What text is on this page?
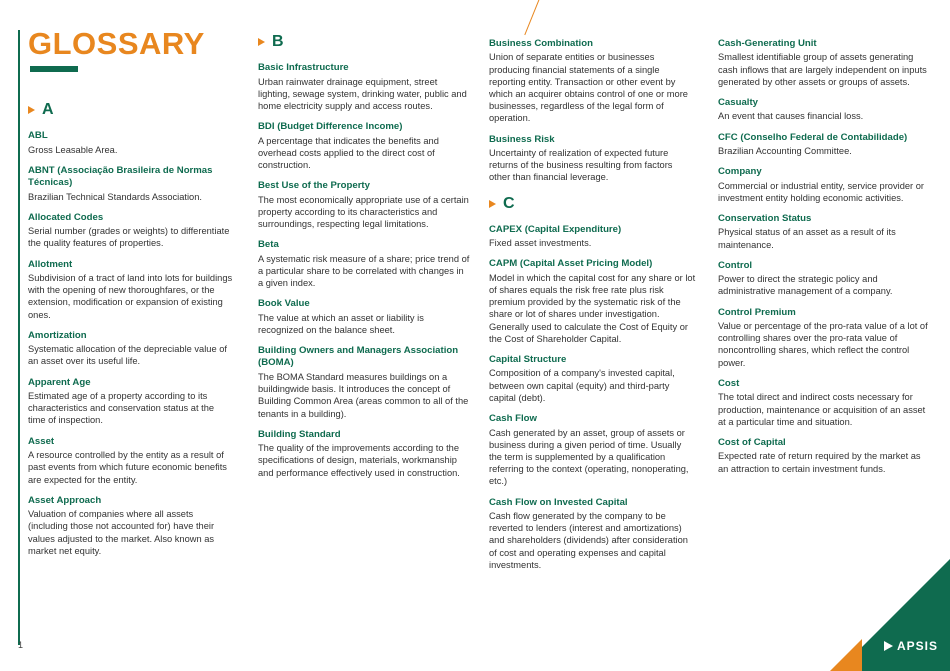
GLOSSARY
1
A
ABL
Gross Leasable Area.
ABNT (Associação Brasileira de Normas Técnicas)
Brazilian Technical Standards Association.
Allocated Codes
Serial number (grades or weights) to differentiate the quality features of properties.
Allotment
Subdivision of a tract of land into lots for buildings with the opening of new thoroughfares, or the extension, modification or expansion of existing ones.
Amortization
Systematic allocation of the depreciable value of an asset over its useful life.
Apparent Age
Estimated age of a property according to its characteristics and conservation status at the time of inspection.
Asset
A resource controlled by the entity as a result of past events from which future economic benefits are expected for the entity.
Asset Approach
Valuation of companies where all assets (including those not accounted for) have their values adjusted to the market. Also known as market net equity.
B
Basic Infrastructure
Urban rainwater drainage equipment, street lighting, sewage system, drinking water, public and home electricity supply and access routes.
BDI (Budget Difference Income)
A percentage that indicates the benefits and overhead costs applied to the direct cost of construction.
Best Use of the Property
The most economically appropriate use of a certain property according to its characteristics and surroundings, respecting legal limitations.
Beta
A systematic risk measure of a share; price trend of a particular share to be correlated with changes in a given index.
Book Value
The value at which an asset or liability is recognized on the balance sheet.
Building Owners and Managers Association (BOMA)
The BOMA Standard measures buildings on a buildingwide basis. It introduces the concept of Building Common Area (areas common to all of the tenants in a building).
Building Standard
The quality of the improvements according to the specifications of design, materials, workmanship and performance effectively used in construction.
Business Combination
Union of separate entities or businesses producing financial statements of a single reporting entity. Transaction or other event by which an acquirer obtains control of one or more businesses, regardless of the legal form of operation.
Business Risk
Uncertainty of realization of expected future returns of the business resulting from factors other than financial leverage.
C
CAPEX (Capital Expenditure)
Fixed asset investments.
CAPM (Capital Asset Pricing Model)
Model in which the capital cost for any share or lot of shares equals the risk free rate plus risk premium provided by the systematic risk of the share or lot of shares under investigation. Generally used to calculate the Cost of Equity or the Cost of Shareholder Capital.
Capital Structure
Composition of a company's invested capital, between own capital (equity) and third-party capital (debt).
Cash Flow
Cash generated by an asset, group of assets or business during a given period of time. Usually the term is supplemented by a qualification referring to the context (operating, nonoperating, etc.)
Cash Flow on Invested Capital
Cash flow generated by the company to be reverted to lenders (interest and amortizations) and shareholders (dividends) after consideration of cost and operating expenses and capital investments.
Cash-Generating Unit
Smallest identifiable group of assets generating cash inflows that are largely independent on inputs generated by other assets or groups of assets.
Casualty
An event that causes financial loss.
CFC (Conselho Federal de Contabilidade)
Brazilian Accounting Committee.
Company
Commercial or industrial entity, service provider or investment entity holding economic activities.
Conservation Status
Physical status of an asset as a result of its maintenance.
Control
Power to direct the strategic policy and administrative management of a company.
Control Premium
Value or percentage of the pro-rata value of a lot of controlling shares over the pro-rata value of noncontrolling shares, which reflect the control power.
Cost
The total direct and indirect costs necessary for production, maintenance or acquisition of an asset at a particular time and situation.
Cost of Capital
Expected rate of return required by the market as an attraction to certain investment funds.
APSIS
